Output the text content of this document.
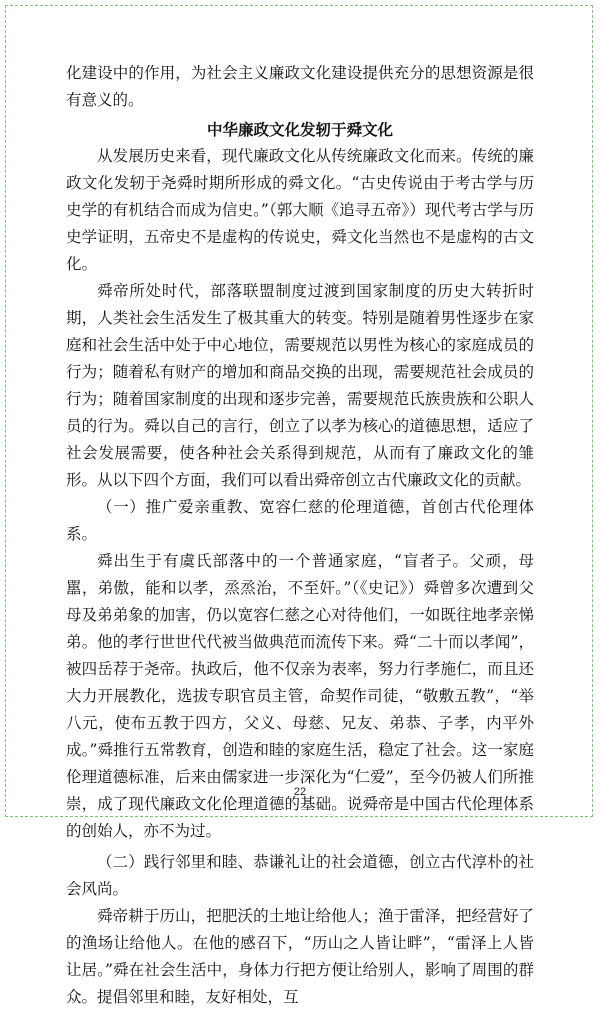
化建设中的作用，为社会主义廉政文化建设提供充分的思想资源是很有意义的。

中华廉政文化发轫于舜文化

从发展历史来看，现代廉政文化从传统廉政文化而来。传统的廉政文化发轫于尧舜时期所形成的舜文化。“古史传说由于考古学与历史学的有机结合而成为信史。”（郭大顺《追寻五帝》）现代考古学与历史学证明，五帝史不是虚构的传说史，舜文化当然也不是虚构的古文化。

舜帝所处时代，部落联盟制度过渡到国家制度的历史大转折时期，人类社会生活发生了极其重大的转变。特别是随着男性逐步在家庭和社会生活中处于中心地位，需要规范以男性为核心的家庭成员的行为；随着私有财产的增加和商品交换的出现，需要规范社会成员的行为；随着国家制度的出现和逐步完善，需要规范氏族贵族和公职人员的行为。舜以自己的言行，创立了以孝为核心的道德思想，适应了社会发展需要，使各种社会关系得到规范，从而有了廉政文化的雏形。从以下四个方面，我们可以看出舜帝创立古代廉政文化的贡献。

（一）推广爱亲重教、宽容仁慈的伦理道德，首创古代伦理体系。

舜出生于有虞氏部落中的一个普通家庭，“盲者子。父顽，母嚚，弟傲，能和以孝，烝烝治，不至奸。”（《史记》）舜曾多次遭到父母及弟弟象的加害，仍以宽容仁慈之心对待他们，一如既往地孝亲悌弟。他的孝行世世代代被当做典范而流传下来。舜“二十而以孝闻”，被四岳荐于尧帝。执政后，他不仅亲为表率，努力行孝施仁，而且还大力开展教化，选拔专职官员主管，命契作司徒，“敬敷五教”，“举八元，使布五教于四方，父义、母慈、兄友、弟恭、子孝，内平外成。”舜推行五常教育，创造和睦的家庭生活，稳定了社会。这一家庭伦理道德标准，后来由儒家进一步深化为“仁爱”，至今仍被人们所推崇，成了现代廉政文化伦理道德的基础。说舜帝是中国古代伦理体系的创始人，亦不为过。

（二）践行邻里和睦、恭谦礼让的社会道德，创立古代淳朴的社会风尚。

舜帝耕于历山，把肥沃的土地让给他人；渔于雷泽，把经营好了的渔场让给他人。在他的感召下，“历山之人皆让畔”，“雷泽上人皆让居。”舜在社会生活中，身体力行把方便让给别人，影响了周围的群众。提倡邻里和睦，友好相处，互

22
